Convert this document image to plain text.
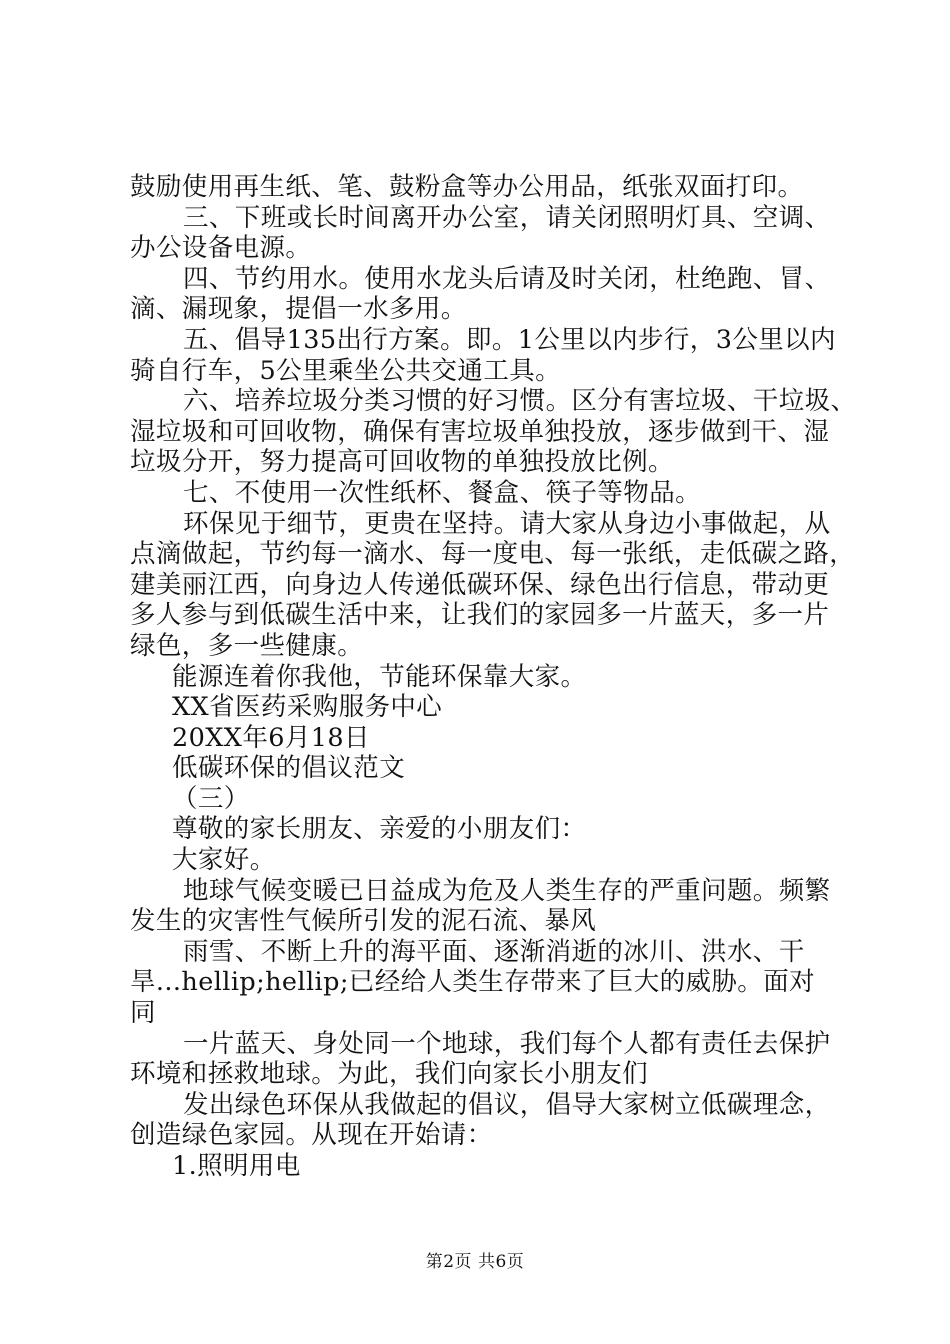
鼓励使用再生纸、笔、鼓粉盒等办公用品，纸张双面打印。
三、下班或长时间离开办公室，请关闭照明灯具、空调、
办公设备电源。
四、节约用水。使用水龙头后请及时关闭，杜绝跑、冒、
滴、漏现象，提倡一水多用。
五、倡导135出行方案。即。1公里以内步行，3公里以内
骑自行车，5公里乘坐公共交通工具。
六、培养垃圾分类习惯的好习惯。区分有害垃圾、干垃圾、
湿垃圾和可回收物，确保有害垃圾单独投放，逐步做到干、湿
垃圾分开，努力提高可回收物的单独投放比例。
七、不使用一次性纸杯、餐盒、筷子等物品。
环保见于细节，更贵在坚持。请大家从身边小事做起，从
点滴做起，节约每一滴水、每一度电、每一张纸，走低碳之路，
建美丽江西，向身边人传递低碳环保、绿色出行信息，带动更
多人参与到低碳生活中来，让我们的家园多一片蓝天，多一片
绿色，多一些健康。
能源连着你我他，节能环保靠大家。
XX省医药采购服务中心
20XX年6月18日
低碳环保的倡议范文
（三）
尊敬的家长朋友、亲爱的小朋友们：
大家好。
地球气候变暖已日益成为危及人类生存的严重问题。频繁
发生的灾害性气候所引发的泥石流、暴风
雨雪、不断上升的海平面、逐渐消逝的冰川、洪水、干
旱...hellip;hellip;已经给人类生存带来了巨大的威胁。面对
同
一片蓝天、身处同一个地球，我们每个人都有责任去保护
环境和拯救地球。为此，我们向家长小朋友们
发出绿色环保从我做起的倡议，倡导大家树立低碳理念，
创造绿色家园。从现在开始请：
1.照明用电
第2页 共6页
